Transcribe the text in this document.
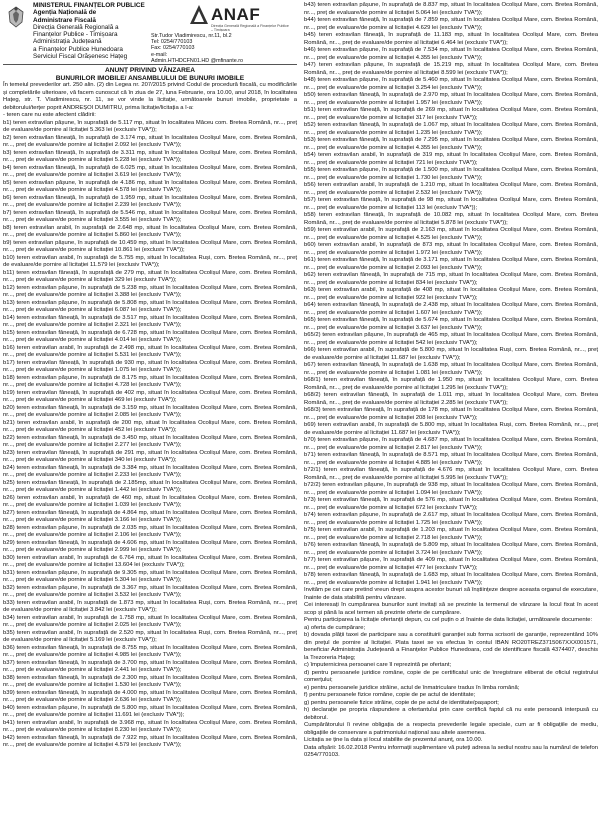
MINISTERUL FINANȚELOR PUBLICE
Agenția Națională de
Administrare Fiscală
Direcția Generală Regională a
Finanțelor Publice - Timișoara
Administrația Județeană
a Finanțelor Publice Hunedoara
Serviciul Fiscal Orășenesc Hațeg
ANAF
Direcția Generală Regională a Finanțelor Publice – Timișoara
Str.Tudor Vladimirescu, nr.11, bl.2
Tel: 0254/770103
Fax: 0254/770103
e-mail:
Admin.HTHDCFN01.HD @mfinante.ro
ANUNȚ PRIVIND VÂNZAREA
BUNURILOR IMOBILE/ ANSAMBLULUI DE BUNURI IMOBILE

În temeiul prevederilor art. 250 alin. (2) din Legea nr. 207/2015 privind Codul de procedură fiscală, cu modificările și completările ulterioare, vă facem cunoscut că în ziua de 27, luna Februarie, ora 10.00, anul 2018, în localitatea Hațeg, str. T. Vladimirescu, nr. 11, se vor vinde la licitație, următoarele bunuri imobile, proprietate a debitorului/terțer poprit ANDREȘOI DUMITRU, prima licitație/licitația a I-a:

- teren care nu este afectent clădirii:

b1) teren extravilan pășune, în suprafață de 5.117 mp, situat în localitatea Măceu com. Bretea Română, nr..., preț de evaluare/de pornire al licitației 5.363 lei (exclusiv TVA*));

b2) teren extravilan fâneață, în suprafață de 3.174 mp, situat în localitatea Ocolișul Mare, com. Bretea Română, nr..., preț de evaluare/de pornire al licitației 2.092 lei (exclusiv TVA*));

b3) teren extravilan fâneață, în suprafață de 3.311 mp, situat în localitatea Ocolișul Mare, com. Bretea Română, nr..., preț de evaluare/de pornire al licitației 5.228 lei (exclusiv TVA*));

b4) teren extravilan fâneață, în suprafață de 6.025 mp, situat în localitatea Ocolișul Mare, com. Bretea Română, nr..., preț de evaluare/de pornire al licitației 3.619 lei (exclusiv TVA*));

b5) teren extravilan pășune, în suprafață de 4.186 mp, situat în localitatea Ocolișul Mare, com. Bretea Română, nr..., preț de evaluare/de pornire al licitației 4.578 lei (exclusiv TVA*));

b6) teren extravilan fâneață, în suprafață de 1.959 mp, situat în localitatea Ocolișul Mare, com. Bretea Română, nr..., preț de evaluare/de pornire al licitației 2.239 lei (exclusiv TVA*));

b7) teren extravilan fâneață, în suprafață de 5.546 mp, situat în localitatea Ocolișul Mare, com. Bretea Română, nr..., preț de evaluare/de pornire al licitației 3.555 lei (exclusiv TVA*));

b8) teren extravilan arabil, în suprafață de 2.648 mp, situat în localitatea Ocolișul Mare, com. Bretea Română, nr..., preț de evaluare/de pornire al licitației 5.860 lei (exclusiv TVA*));

b9) teren extravilan pășune, în suprafață de 10.459 mp, situat în localitatea Ocolișul Mare, com. Bretea Română, nr..., preț de evaluare/de pornire al licitației 10.861 lei (exclusiv TVA*));

b10) teren extravilan arabil, în suprafață de 5.755 mp, situat în localitatea Ruși, com. Bretea Română, nr..., preț de evaluare/de pornire al licitației 11.579 lei (exclusiv TVA*));

b11) teren extravilan fâneață, în suprafață de 279 mp, situat în localitatea Ocolișul Mare, com. Bretea Română, nr..., preț de evaluare/de pornire al licitației 329 lei (exclusiv TVA*));

b12) teren extravilan pășune, în suprafață de 5.238 mp, situat în localitatea Ocolișul Mare, com. Bretea Română, nr..., preț de evaluare/de pornire al licitației 3.388 lei (exclusiv TVA*));

b13) teren extravilan pășune, în suprafață de 5.808 mp, situat în localitatea Ocolișul Mare, com. Bretea Română, nr..., preț de evaluare/de pornire al licitației 6.087 lei (exclusiv TVA*));

b14) teren extravilan fâneață, în suprafață de 3.517 mp, situat în localitatea Ocolișul Mare, com. Bretea Română, nr..., preț de evaluare/de pornire al licitației 2.321 lei (exclusiv TVA*));

b15) teren extravilan fâneață, în suprafață de 6.728 mp, situat în localitatea Ocolișul Mare, com. Bretea Română, nr..., preț de evaluare/de pornire al licitației 4.014 lei (exclusiv TVA*));

b16) teren extravilan arabil, în suprafață de 2.498 mp, situat în localitatea Ocolișul Mare, com. Bretea Română, nr..., preț de evaluare/de pornire al licitației 5.531 lei (exclusiv TVA*));

b17) teren extravilan fâneață, în suprafață de 930 mp, situat în localitatea Ocolișul Mare, com. Bretea Română, nr..., preț de evaluare/de pornire al licitației 1.075 lei (exclusiv TVA*));

b18) teren extravilan pășune, în suprafață de 8.175 mp, situat în localitatea Ocolișul Mare, com. Bretea Română, nr..., preț de evaluare/de pornire al licitației 4.728 lei (exclusiv TVA*));

b19) teren extravilan fâneață, în suprafață de 402 mp, situat în localitatea Ocolișul Mare, com. Bretea Română, nr..., preț de evaluare/de pornire al licitației 469 lei (exclusiv TVA*));

b20) teren extravilan fâneață, în suprafață de 3.159 mp, situat în localitatea Ocolișul Mare, com. Bretea Română, nr..., preț de evaluare/de pornire al licitației 2.085 lei (exclusiv TVA*));

b21) teren extravilan arabil, în suprafață de 200 mp, situat în localitatea Ocolișul Mare, com. Bretea Română, nr..., preț de evaluare/de pornire al licitației 452 lei (exclusiv TVA*));

b22) teren extravilan fâneață, în suprafață de 3.450 mp, situat în localitatea Ocolișul Mare, com. Bretea Română, nr..., preț de evaluare/de pornire al licitației 2.277 lei (exclusiv TVA*));

b23) teren extravilan fâneață, în suprafață de 291 mp, situat în localitatea Ocolișul Mare, com. Bretea Română, nr..., preț de evaluare/de pornire al licitației 340 lei (exclusiv TVA*));

b24) teren extravilan fâneață, în suprafață de 3.384 mp, situat în localitatea Ocolișul Mare, com. Bretea Română, nr..., preț de evaluare/de pornire al licitației 2.233 lei (exclusiv TVA*));

b25) teren extravilan fâneață, în suprafață de 2.185mp, situat în localitatea Ocolișul Mare, com. Bretea Română, nr..., preț de evaluare/de pornire al licitației 1.442 lei (exclusiv TVA*));

b26) teren extravilan arabil, în suprafață de 460 mp, situat în localitatea Ocolișul Mare, com. Bretea Română, nr..., preț de evaluare/de pornire al licitației 1.039 lei (exclusiv TVA*));

b27) teren extravilan fâneață, în suprafață de 4.864 mp, situat în localitatea Ocolișul Mare, com. Bretea Română, nr..., preț de evaluare/de pornire al licitației 3.166 lei (exclusiv TVA*));

b28) teren extravilan pășune, în suprafață de 2.035 mp, situat în localitatea Ocolișul Mare, com. Bretea Română, nr..., preț de evaluare/de pornire al licitației 2.106 lei (exclusiv TVA*));

b29) teren extravilan fâneață, în suprafață de 4.606 mp, situat în localitatea Ocolișul Mare, com. Bretea Română, nr..., preț de evaluare/de pornire al licitației 2.999 lei (exclusiv TVA*));

b30) teren extravilan arabil, în suprafață de 6.764 mp, situat în localitatea Ocolișul Mare, com. Bretea Română, nr..., preț de evaluare/de pornire al licitației 13.604 lei (exclusiv TVA*));

b31) teren extravilan pășune, în suprafață de 9.305 mp, situat în localitatea Ocolișul Mare, com. Bretea Română, nr..., preț de evaluare/de pornire al licitației 5.304 lei (exclusiv TVA*));

b32) teren extravilan pășune, în suprafață de 3.367 mp, situat în localitatea Ocolișul Mare, com. Bretea Română, nr..., preț de evaluare/de pornire al licitației 3.532 lei (exclusiv TVA*));

b33) teren extravilan arabil, în suprafață de 1.873 mp, situat în localitatea Ruși, com. Bretea Română, nr..., preț de evaluare/de pornire al licitației 3.842 lei (exclusiv TVA*));

b34) teren extravilan arabil, în suprafață de 1.758 mp, situat în localitatea Ocolișul Mare, com. Bretea Română, nr..., preț de evaluare/de pornire al licitației 2.025 lei (exclusiv TVA*));

b35) teren extravilan arabil, în suprafață de 2.520 mp, situat în localitatea Ruși, com. Bretea Română, nr..., preț de evaluare/de pornire al licitației 5.169 lei (exclusiv TVA*));

b36) teren extravilan fâneață, în suprafață de 8.755 mp, situat în localitatea Ocolișul Mare, com. Bretea Română, nr..., preț de evaluare/de pornire al licitației 4.985 lei (exclusiv TVA*));

b37) teren extravilan fâneață, în suprafață de 3.700 mp, situat în localitatea Ocolișul Mare, com. Bretea Română, nr..., preț de evaluare/de pornire al licitației 2.441 lei (exclusiv TVA*));

b38) teren extravilan fâneață, în suprafață de 2.300 mp, situat în localitatea Ocolișul Mare, com. Bretea Română, nr..., preț de evaluare/de pornire al licitației 1.530 lei (exclusiv TVA*));

b39) teren extravilan fâneață, în suprafață de 4.000 mp, situat în localitatea Ocolișul Mare, com. Bretea Română, nr..., preț de evaluare/de pornire al licitației 2.636 lei (exclusiv TVA*));

b40) teren extravilan pășune, în suprafață de 5.800 mp, situat în localitatea Ocolișul Mare, com. Bretea Română, nr..., preț de evaluare/de pornire al licitației 11.691 lei (exclusiv TVA*));

b41) teren extravilan arabil, în suprafață de 3.968 mp, situat în localitatea Ocolișul Mare, com. Bretea Română, nr..., preț de evaluare/de pornire al licitației 8.230 lei (exclusiv TVA*));

b42) teren extravilan fâneață, în suprafață de 7.922 mp, situat în localitatea Ocolișul Mare, com. Bretea Română, nr..., preț de evaluare/de pornire al licitației 4.579 lei (exclusiv TVA*));

b43) teren extravilan pășune, în suprafață de 8.837 mp, situat în localitatea Ocolișul Mare, com. Bretea Română, nr..., preț de evaluare/de pornire al licitației 5.064 lei (exclusiv TVA*));

b44) teren extravilan fâneață, în suprafață de 7.859 mp, situat în localitatea Ocolișul Mare, com. Bretea Română, nr..., preț de evaluare/de pornire al licitației 4.629 lei (exclusiv TVA*));

b45) teren extravilan fâneață, în suprafață de 11.183 mp, situat în localitatea Ocolișul Mare, com. Bretea Română, nr..., preț de evaluare/de pornire al licitației 6.464 lei (exclusiv TVA*));

b46) teren extravilan pășune, în suprafață de 7.534 mp, situat în localitatea Ocolișul Mare, com. Bretea Română, nr..., preț de evaluare/de pornire al licitației 4.355 lei (exclusiv TVA*));

b47) teren extravilan pășune, în suprafață de 15.219 mp, situat în localitatea Ocolișul Mare, com. Bretea Română, nr..., preț de evaluare/de pornire al licitației 8.599 lei (exclusiv TVA*));

b48) teren extravilan pășune, în suprafață de 5.460 mp, situat în localitatea Ocolișul Mare, com. Bretea Română, nr..., preț de evaluare/de pornire al licitației 3.254 lei (exclusiv TVA*));

b50) teren extravilan fâneață, în suprafață de 2.970 mp, situat în localitatea Ocolișul Mare, com. Bretea Română, nr..., preț de evaluare/de pornire al licitației 1.957 lei (exclusiv TVA*));

b51) teren extravilan fâneață, în suprafață de 269 mp, situat în localitatea Ocolișul Mare, com. Bretea Română, nr..., preț de evaluare/de pornire al licitației 317 lei (exclusiv TVA*));

b52) teren extravilan fâneață, în suprafață de 1.067 mp, situat în localitatea Ocolișul Mare, com. Bretea Română, nr..., preț de evaluare/de pornire al licitației 1.235 lei (exclusiv TVA*));

b53) teren extravilan fâneață, în suprafață de 7.295 mp, situat în localitatea Ocolișul Mare, com. Bretea Română, nr..., preț de evaluare/de pornire al licitației 4.355 lei (exclusiv TVA*));

b54) teren extravilan arabil, în suprafață de 319 mp, situat în localitatea Ocolișul Mare, com. Bretea Română, nr..., preț de evaluare/de pornire al licitației 721 lei (exclusiv TVA*));

b55) teren extravilan pășune, în suprafață de 1.500 mp, situat în localitatea Ocolișul Mare, com. Bretea Română, nr..., preț de evaluare/de pornire al licitației 1.730 lei (exclusiv TVA*));

b56) teren extravilan arabil, în suprafață de 1.210 mp, situat în localitatea Ocolișul Mare, com. Bretea Română, nr..., preț de evaluare/de pornire al licitației 2.532 lei (exclusiv TVA*));

b57) teren extravilan fâneață, în suprafață de 98 mp, situat în localitatea Ocolișul Mare, com. Bretea Română, nr..., preț de evaluare/de pornire al licitației 113 lei (exclusiv TVA*));

b58) teren extravilan fâneață, în suprafață de 10.082 mp, situat în localitatea Ocolișul Mare, com. Bretea Română, nr..., preț de evaluare/de pornire al licitației 5.878 lei (exclusiv TVA*));

b59) teren extravilan arabil, în suprafață de 2.163 mp, situat în localitatea Ocolișul Mare, com. Bretea Română, nr..., preț de evaluare/de pornire al licitației 4.525 lei (exclusiv TVA*));

b60) teren extravilan arabil, în suprafață de 873 mp, situat în localitatea Ocolișul Mare, com. Bretea Română, nr..., preț de evaluare/de pornire al licitației 1.972 lei (exclusiv TVA*));

b61) teren extravilan fâneață, în suprafață de 3.171 mp, situat în localitatea Ocolișul Mare, com. Bretea Română, nr..., preț de evaluare/de pornire al licitației 2.093 lei (exclusiv TVA*));

b62) teren extravilan fâneață, în suprafață de 715 mp, situat în localitatea Ocolișul Mare, com. Bretea Română, nr..., preț de evaluare/de pornire al licitației 834 lei (exclusiv TVA*));

b63) teren extravilan arabil, în suprafață de 408 mp, situat în localitatea Ocolișul Mare, com. Bretea Română, nr..., preț de evaluare/de pornire al licitației 922 lei (exclusiv TVA*));

b64) teren extravilan fâneață, în suprafață de 2.438 mp, situat în localitatea Ocolișul Mare, com. Bretea Română, nr..., preț de evaluare/de pornire al licitației 1.607 lei (exclusiv TVA*));

b65) teren extravilan fâneață, în suprafață de 5.674 mp, situat în localitatea Ocolișul Mare, com. Bretea Română, nr..., preț de evaluare/de pornire al licitației 3.637 lei (exclusiv TVA*));

b65/2) teren extravilan pășune, în suprafață de 465 mp, situat în localitatea Ocolișul Mare, com. Bretea Română, nr..., preț de evaluare/de pornire al licitației 542 lei (exclusiv TVA*));

b66) teren extravilan arabil, în suprafață de 5.800 mp, situat în localitatea Ruși, com. Bretea Română, nr..., preț de evaluare/de pornire al licitației 11.687 lei (exclusiv TVA*));

b67) teren extravilan fâneață, în suprafață de 1.638 mp, situat în localitatea Ocolișul Mare, com. Bretea Română, nr..., preț de evaluare/de pornire al licitației 1.081 lei (exclusiv TVA*));

b68/1) teren extravilan fâneață, în suprafață de 1.950 mp, situat în localitatea Ocolișul Mare, com. Bretea Română, nr..., preț de evaluare/de pornire al licitației 1.295 lei (exclusiv TVA*));

b68/2) teren extravilan fâneață, în suprafață de 1.011 mp, situat în localitatea Ocolișul Mare, com. Bretea Română, nr..., preț de evaluare/de pornire al licitației 2.285 lei (exclusiv TVA*));

b68/3) teren extravilan fâneață, în suprafață de 178 mp, situat în localitatea Ocolișul Mare, com. Bretea Română, nr..., preț de evaluare/de pornire al licitației 208 lei (exclusiv TVA*));

b69) teren extravilan arabil, în suprafață de 5.800 mp, situat în localitatea Ruși, com. Bretea Română, nr..., preț de evaluare/de pornire al licitației 11.687 lei (exclusiv TVA*));

b70) teren extravilan pășune, în suprafață de 4.687 mp, situat în localitatea Ocolișul Mare, com. Bretea Română, nr..., preț de evaluare/de pornire al licitației 2.817 lei (exclusiv TVA*));

b71) teren extravilan fâneață, în suprafață de 8.571 mp, situat în localitatea Ocolișul Mare, com. Bretea Română, nr..., preț de evaluare/de pornire al licitației 4.885 lei (exclusiv TVA*));

b72/1) teren extravilan fâneață, în suprafață de 4.676 mp, situat în localitatea Ocolișul Mare, com. Bretea Română, nr..., preț de evaluare/de pornire al licitației 5.995 lei (exclusiv TVA*));

b72/2) teren extravilan pășune, în suprafață de 938 mp, situat în localitatea Ocolișul Mare, com. Bretea Română, nr..., preț de evaluare/de pornire al licitației 1.094 lei (exclusiv TVA*));

b73) teren extravilan fâneață, în suprafață de 576 mp, situat în localitatea Ocolișul Mare, com. Bretea Română, nr..., preț de evaluare/de pornire al licitației 672 lei (exclusiv TVA*));

b74) teren extravilan pășune, în suprafață de 2.617 mp, situat în localitatea Ocolișul Mare, com. Bretea Română, nr..., preț de evaluare/de pornire al licitației 1.725 lei (exclusiv TVA*));

b75) teren extravilan arabil, în suprafață de 1.203 mp, situat în localitatea Ocolișul Mare, com. Bretea Română, nr..., preț de evaluare/de pornire al licitației 2.718 lei (exclusiv TVA*));

b76) teren extravilan fâneață, în suprafață de 5.809 mp, situat în localitatea Ocolișul Mare, com. Bretea Română, nr..., preț de evaluare/de pornire al licitației 3.724 lei (exclusiv TVA*));

b77) teren extravilan pășune, în suprafață de 409 mp, situat în localitatea Ocolișul Mare, com. Bretea Română, nr..., preț de evaluare/de pornire al licitației 477 lei (exclusiv TVA*));

b78) teren extravilan fâneață, în suprafață de 1.683 mp, situat în localitatea Ocolișul Mare, com. Bretea Română, nr..., preț de evaluare/de pornire al licitației 1.941 lei (exclusiv TVA*));

Invităm pe cei care pretind vreun drept asupra acestor bunuri să înștiințeze despre aceasta organul de executare, înainte de data stabilită pentru vânzare.

Cei interesați în cumpărarea bunurilor sunt invitați să se prezinte la termenul de vânzare la locul fixat în acest scop și până la acel termen să prezinte oferte de cumpărare.

Pentru participarea la licitație ofertanții depun, cu cel puțin o zi înainte de data licitației, următoarele documente:

a) oferta de cumpărare;

b) dovada plății taxei de participare sau a constituirii garanției sub forma scrisorii de garanție, reprezentând 10% din prețul de pornire al licitației. Plata taxei se va efectua în contul IBAN RO20TREZ3715067XXX001571, beneficiar Administrația Județeană a Finanțelor Publice Hunedoara, cod de identificare fiscală 4374407, deschis la Trezoreria Hațeg;

c) împuternicirea persoanei care îl reprezintă pe ofertant;

d) pentru persoanele juridice române, copie de pe certificatul unic de înregistrare eliberat de oficiul registrului comerțului;

e) pentru persoanele juridice străine, actul de înmatriculare tradus în limba română;

f) pentru persoanele fizice române, copie de pe actul de identitate;

g) pentru persoanele fizice străine, copie de pe actul de identitate/pașaport;

h) declarație pe propria răspundere a ofertantului prin care certifică faptul că nu este persoană interpusă cu debitorul.

Cumpărătorului îi revine obligația de a respecta prevederile legale speciale, cum ar fi obligațiile de mediu, obligațiile de conservare a patrimoniului național sau altele asemenea.

Licitația se ține la data și locul stabilite de prezentul anunț, ora 10.00.

Data afișării: 16.02.2018 Pentru informații suplimentare vă puteți adresa la sediul nostru sau la numărul de telefon 0254/770103.
